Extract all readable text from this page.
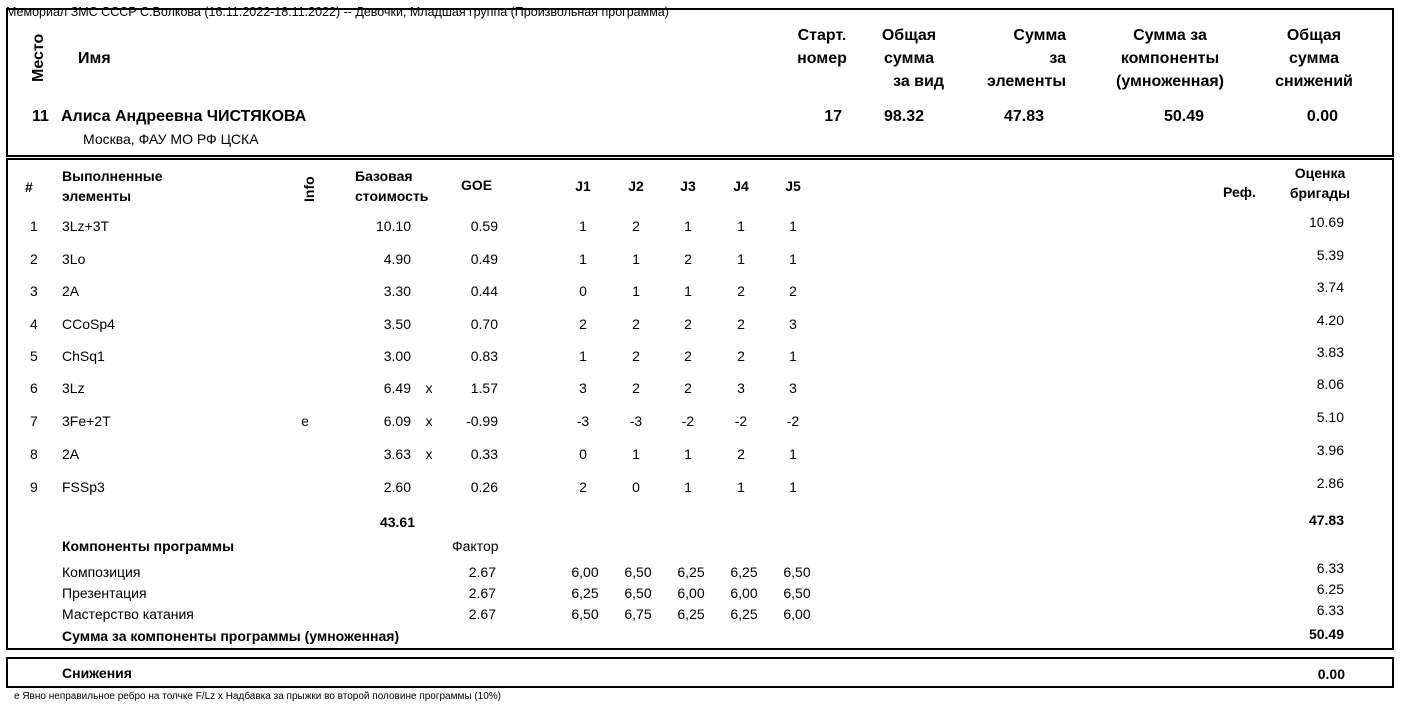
Мемориал ЗМС СССР С.Волкова (16.11.2022-18.11.2022) -- Девочки, Младшая группа (Произвольная программа)
Место Имя
Старт.
номер
Общая
сумма
за вид
Сумма
за
элементы
Сумма за
компоненты
(умноженная)
Общая
сумма
снижений
11 Алиса Андреевна ЧИСТЯКОВА
Москва, ФАУ МО РФ ЦСКА
17	98.32	47.83	50.49	0.00
#
Выполненные
элементы	Info
Базовая
стоимость
GOE	J1	J2	J3	J4	J5	Реф.
Оценка
бригады
1 3Lz+3T	10.10	0.59	1	2	1	1	1	10.69
2 3Lo	4.90	0.49	1	1	2	1	1	5.39
3 2A	3.30	0.44	0	1	1	2	2	3.74
4 CCoSp4	3.50	0.70	2	2	2	2	3	4.20
5 ChSq1	3.00	0.83	1	2	2	2	1	3.83
6 3Lz	6.49 x	1.57	3	2	2	3	3	8.06
7 3Fe+2T	e	6.09 x	-0.99	-3	-3	-2	-2	-2	5.10
8 2A	3.63 x	0.33	0	1	1	2	1	3.96
9 FSSp3	2.60	0.26	2	0	1	1	1	2.86
43.61	47.83
Компоненты программы	Фактор
Композиция	2.67	6,00	6,50	6,25	6,25	6,50	6.33
Презентация	2.67	6,25	6,50	6,00	6,00	6,50	6.25
Мастерство катания	2.67	6,50	6,75	6,25	6,25	6,00	6.33
Сумма за компоненты программы (умноженная)	50.49
Снижения	0.00
e Явно неправильное ребро на толчке F/Lz x Надбавка за прыжки во второй половине программы (10%)
